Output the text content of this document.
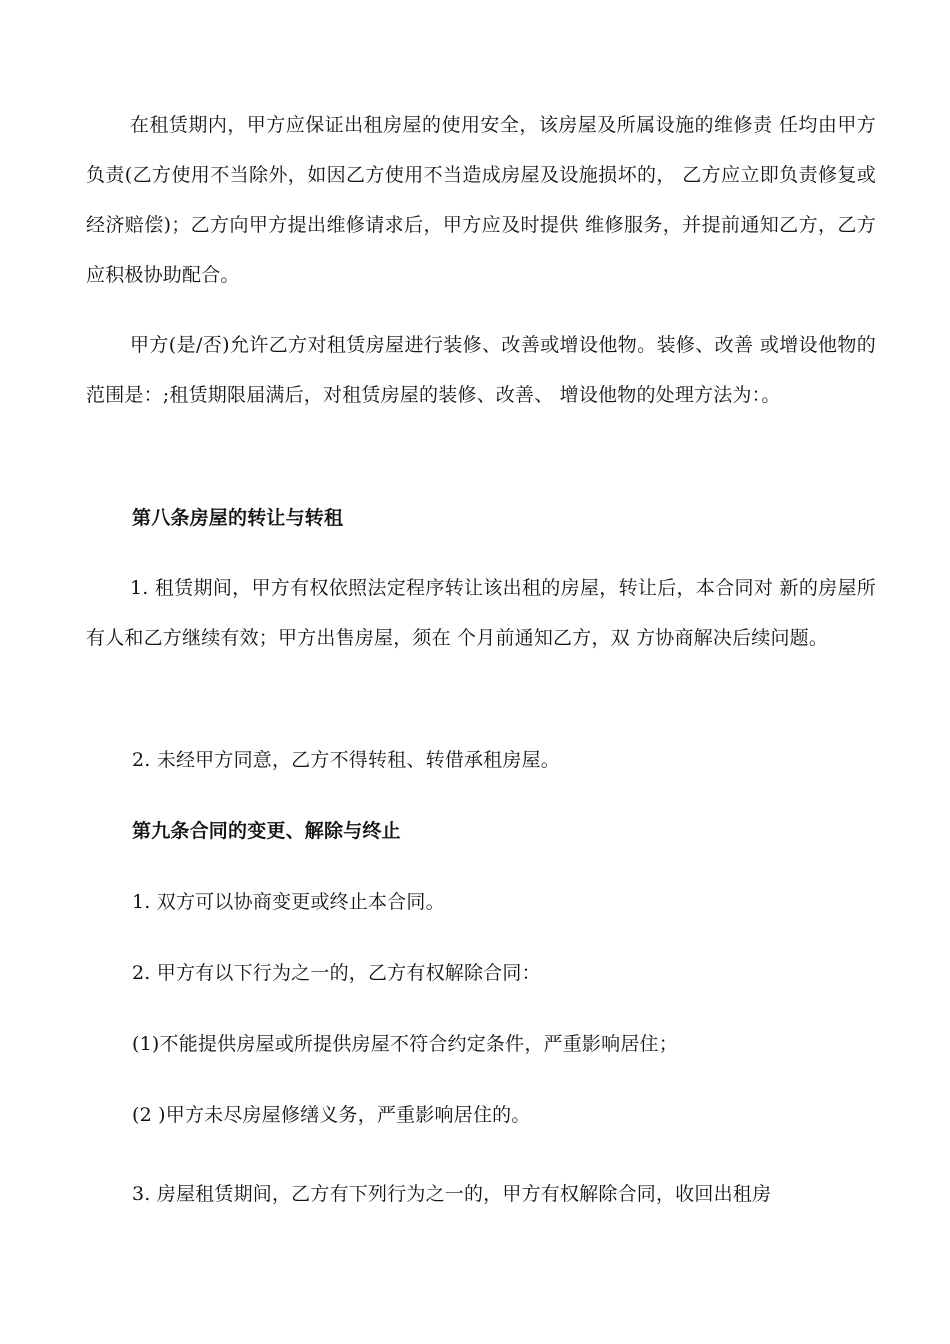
在租赁期内，甲方应保证出租房屋的使用安全，该房屋及所属设施的维修责 任均由甲方负责(乙方使用不当除外，如因乙方使用不当造成房屋及设施损坏的， 乙方应立即负责修复或经济赔偿)；乙方向甲方提出维修请求后，甲方应及时提供 维修服务，并提前通知乙方，乙方应积极协助配合。

甲方(是/否)允许乙方对租赁房屋进行装修、改善或增设他物。装修、改善 或增设他物的范围是：;租赁期限届满后，对租赁房屋的装修、改善、 增设他物的处理方法为：。

第八条房屋的转让与转租

1. 租赁期间，甲方有权依照法定程序转让该出租的房屋，转让后，本合同对 新的房屋所有人和乙方继续有效；甲方出售房屋，须在 个月前通知乙方，双 方协商解决后续问题。

2. 未经甲方同意，乙方不得转租、转借承租房屋。

第九条合同的变更、解除与终止

1. 双方可以协商变更或终止本合同。

2. 甲方有以下行为之一的，乙方有权解除合同：

(1)不能提供房屋或所提供房屋不符合约定条件，严重影响居住；

(2 )甲方未尽房屋修缮义务，严重影响居住的。

3. 房屋租赁期间，乙方有下列行为之一的，甲方有权解除合同，收回出租房
